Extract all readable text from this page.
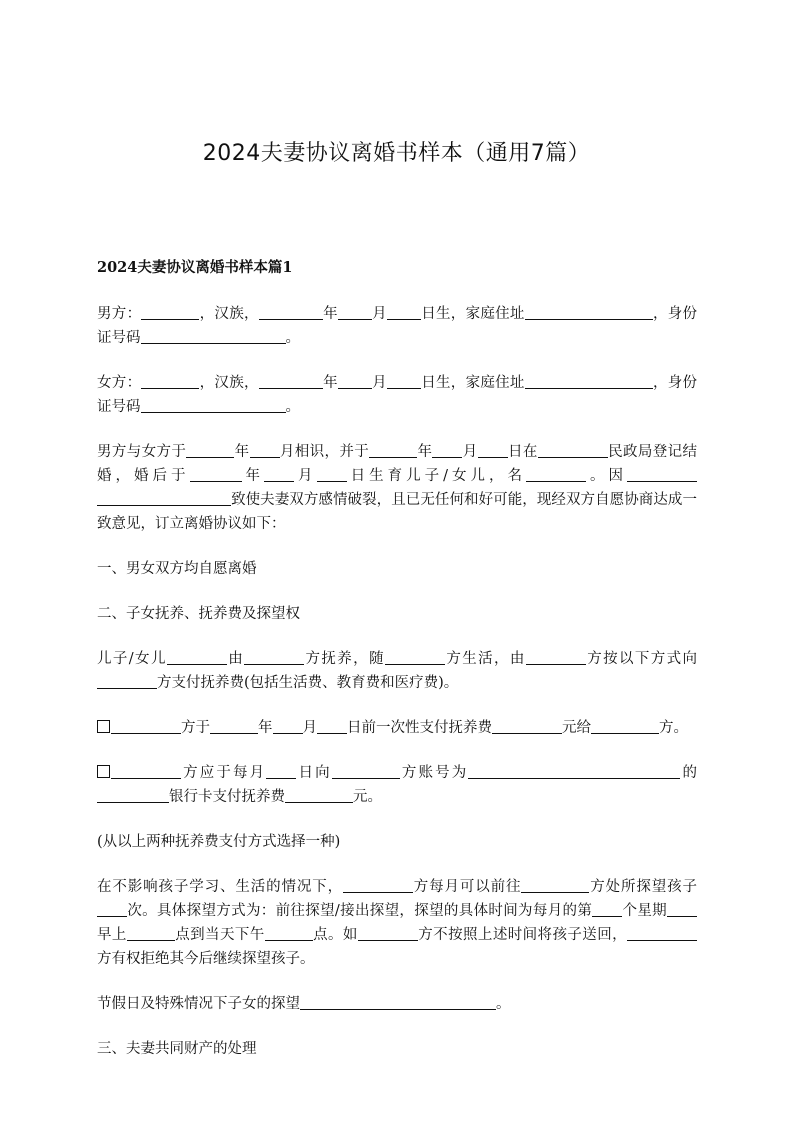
2024夫妻协议离婚书样本（通用7篇）
2024夫妻协议离婚书样本篇1

男方：	，汉族，	年 月 日生，家庭住址	，身份证号码	。

女方：	，汉族，	年 月 日生，家庭住址	，身份证号码	。

男方与女方于	年 月相识，并于	年 月 日在	民政局登记结婚，婚后于	年 月 日生育儿子/女儿，名	。因致使夫妻双方感情破裂，且已无任何和好可能，现经双方自愿协商达成一致意见，订立离婚协议如下：

一、男女双方均自愿离婚

二、子女抚养、抚养费及探望权

儿子/女儿	由	方抚养，随	方生活，由	方按以下方式向方支付抚养费(包括生活费、教育费和医疗费)。

方于	年 月 日前一次性支付抚养费	元给	方。

方应于每月 日向	方账号为	的银行卡支付抚养费	元。

(从以上两种抚养费支付方式选择一种)

在不影响孩子学习、生活的情况下，	方每月可以前往	方处所探望孩子次。具体探望方式为：前往探望/接出探望，探望的具体时间为每月的第 个星期早上	点到当天下午	点。如	方不按照上述时间将孩子送回，方有权拒绝其今后继续探望孩子。

节假日及特殊情况下子女的探望	。

三、夫妻共同财产的处理
